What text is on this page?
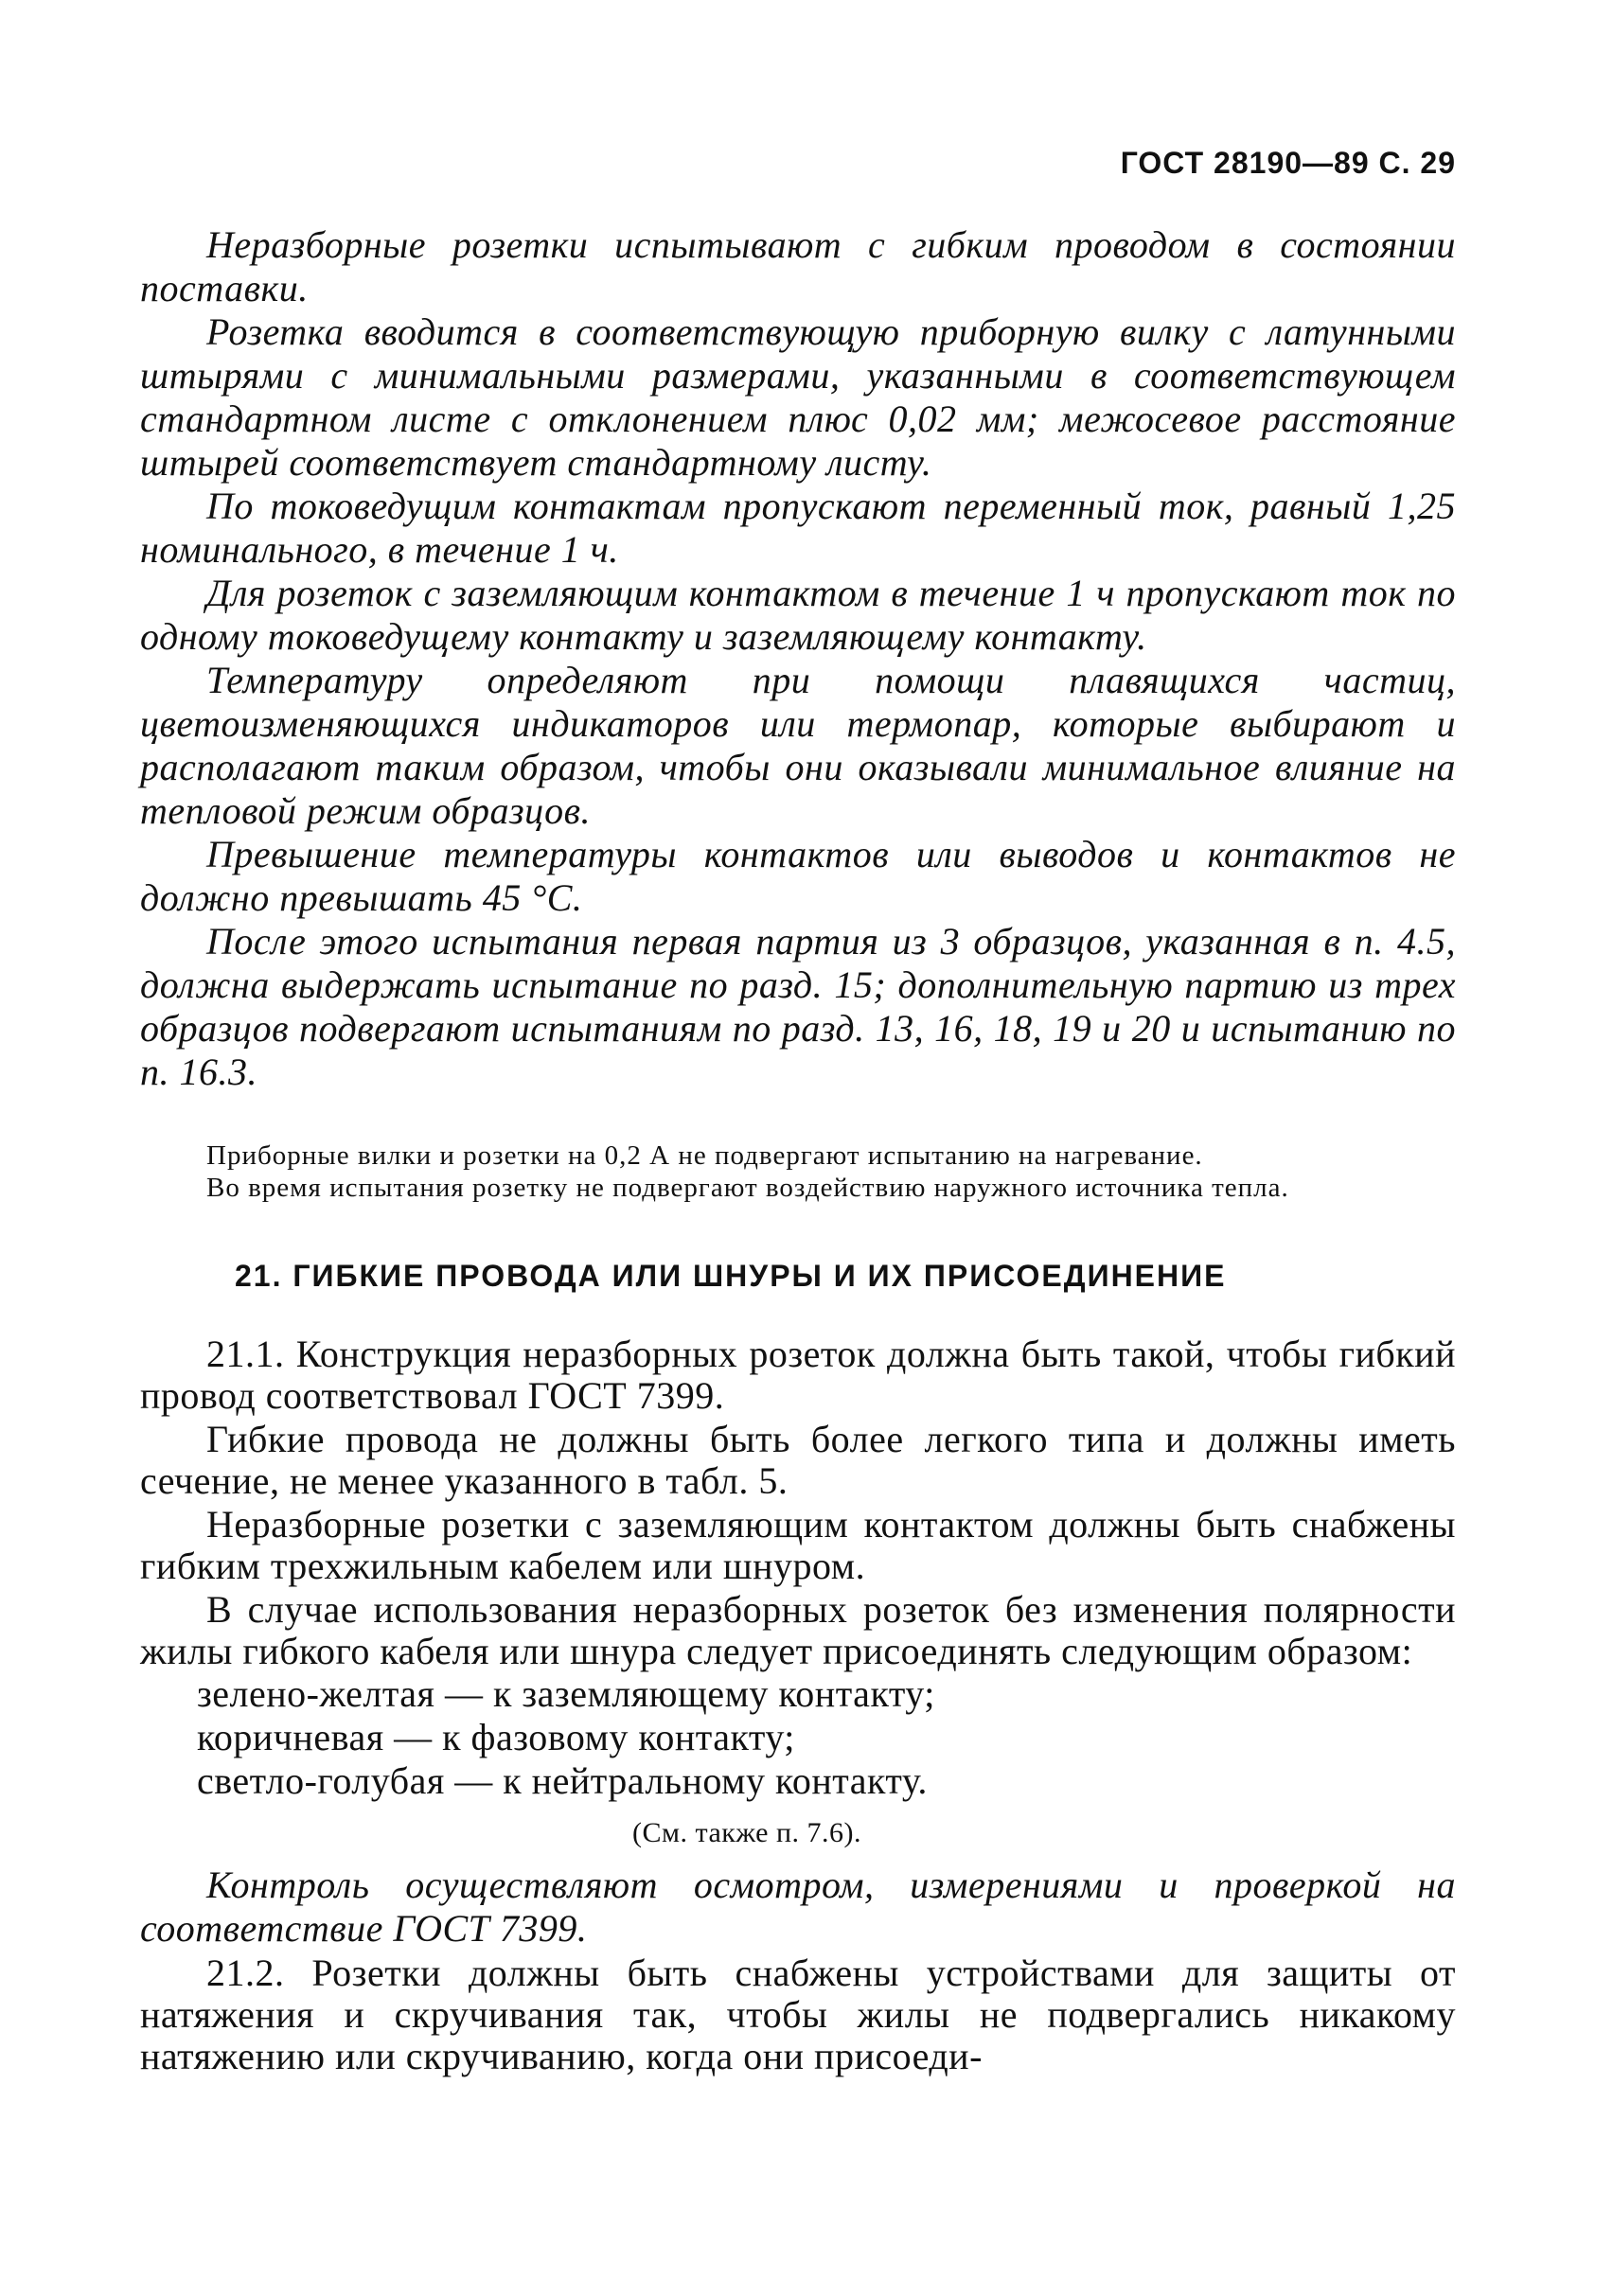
ГОСТ 28190—89 С. 29

Неразборные розетки испытывают с гибким проводом в состоянии поставки.

Розетка вводится в соответствующую приборную вилку с латунными штырями с минимальными размерами, указанными в соответствующем стандартном листе с отклонением плюс 0,02 мм; межосевое расстояние штырей соответствует стандартному листу.

По токоведущим контактам пропускают переменный ток, равный 1,25 номинального, в течение 1 ч.

Для розеток с заземляющим контактом в течение 1 ч пропускают ток по одному токоведущему контакту и заземляющему контакту.

Температуру определяют при помощи плавящихся частиц, цветоизменяющихся индикаторов или термопар, которые выбирают и располагают таким образом, чтобы они оказывали минимальное влияние на тепловой режим образцов.

Превышение температуры контактов или выводов и контактов не должно превышать 45 °С.

После этого испытания первая партия из 3 образцов, указанная в п. 4.5, должна выдержать испытание по разд. 15; дополнительную партию из трех образцов подвергают испытаниям по разд. 13, 16, 18, 19 и 20 и испытанию по п. 16.3.

Приборные вилки и розетки на 0,2 А не подвергают испытанию на нагревание.

Во время испытания розетку не подвергают воздействию наружного источника тепла.

21. ГИБКИЕ ПРОВОДА ИЛИ ШНУРЫ И ИХ ПРИСОЕДИНЕНИЕ

21.1. Конструкция неразборных розеток должна быть такой, чтобы гибкий провод соответствовал ГОСТ 7399.

Гибкие провода не должны быть более легкого типа и должны иметь сечение, не менее указанного в табл. 5.

Неразборные розетки с заземляющим контактом должны быть снабжены гибким трехжильным кабелем или шнуром.

В случае использования неразборных розеток без изменения полярности жилы гибкого кабеля или шнура следует присоединять следующим образом:

зелено-желтая — к заземляющему контакту;

коричневая — к фазовому контакту;

светло-голубая — к нейтральному контакту.

(См. также п. 7.6).

Контроль осуществляют осмотром, измерениями и проверкой на соответствие ГОСТ 7399.

21.2. Розетки должны быть снабжены устройствами для защиты от натяжения и скручивания так, чтобы жилы не подвергались никакому натяжению или скручиванию, когда они присоеди-
